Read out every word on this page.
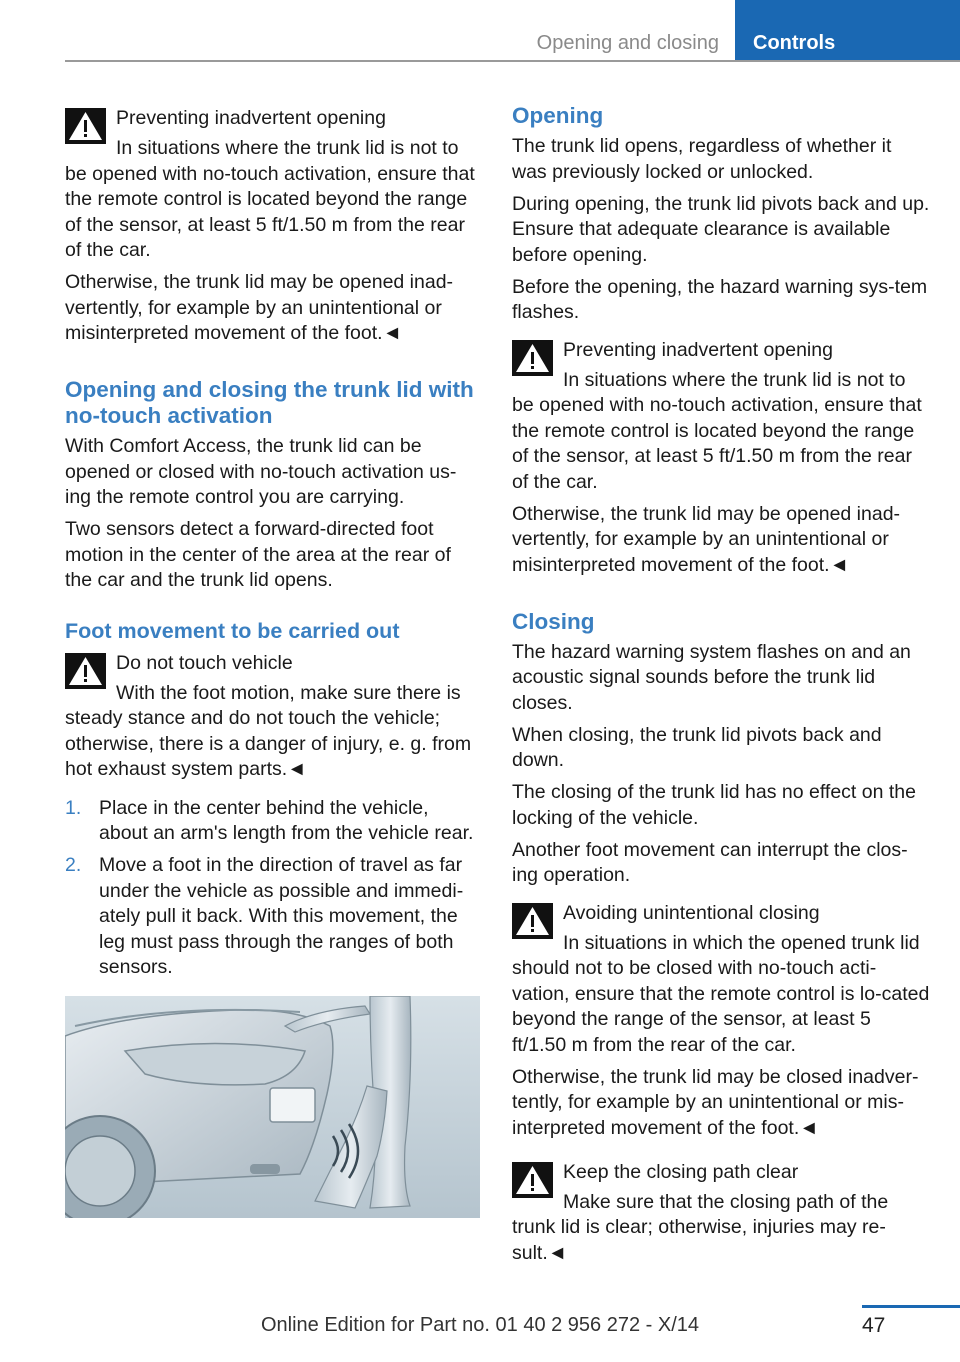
Opening and closing	Controls
Preventing inadvertent opening

In situations where the trunk lid is not to be opened with no-touch activation, ensure that the remote control is located beyond the range of the sensor, at least 5 ft/1.50 m from the rear of the car.

Otherwise, the trunk lid may be opened inad‐vertently, for example by an unintentional or misinterpreted movement of the foot.◄

Opening and closing the trunk lid with no-touch activation

With Comfort Access, the trunk lid can be opened or closed with no-touch activation us‐ing the remote control you are carrying.

Two sensors detect a forward-directed foot motion in the center of the area at the rear of the car and the trunk lid opens.

Foot movement to be carried out
Do not touch vehicle

With the foot motion, make sure there is steady stance and do not touch the vehicle; otherwise, there is a danger of injury, e. g. from hot exhaust system parts.◄

1. Place in the center behind the vehicle, about an arm's length from the vehicle rear.
2. Move a foot in the direction of travel as far under the vehicle as possible and immedi‐ately pull it back. With this movement, the leg must pass through the ranges of both sensors.
Opening

The trunk lid opens, regardless of whether it was previously locked or unlocked.

During opening, the trunk lid pivots back and up. Ensure that adequate clearance is available before opening.

Before the opening, the hazard warning sys‐tem flashes.

Preventing inadvertent opening

In situations where the trunk lid is not to be opened with no-touch activation, ensure that the remote control is located beyond the range of the sensor, at least 5 ft/1.50 m from the rear of the car.

Otherwise, the trunk lid may be opened inad‐vertently, for example by an unintentional or misinterpreted movement of the foot.◄

Closing

The hazard warning system flashes on and an acoustic signal sounds before the trunk lid closes.

When closing, the trunk lid pivots back and down.

The closing of the trunk lid has no effect on the locking of the vehicle.

Another foot movement can interrupt the clos‐ing operation.

Avoiding unintentional closing

In situations in which the opened trunk lid should not to be closed with no-touch acti‐vation, ensure that the remote control is lo‐cated beyond the range of the sensor, at least 5 ft/1.50 m from the rear of the car.

Otherwise, the trunk lid may be closed inadver‐tently, for example by an unintentional or mis‐interpreted movement of the foot.◄

Keep the closing path clear

Make sure that the closing path of the trunk lid is clear; otherwise, injuries may re‐sult.◄

47
Online Edition for Part no. 01 40 2 956 272 - X/14
